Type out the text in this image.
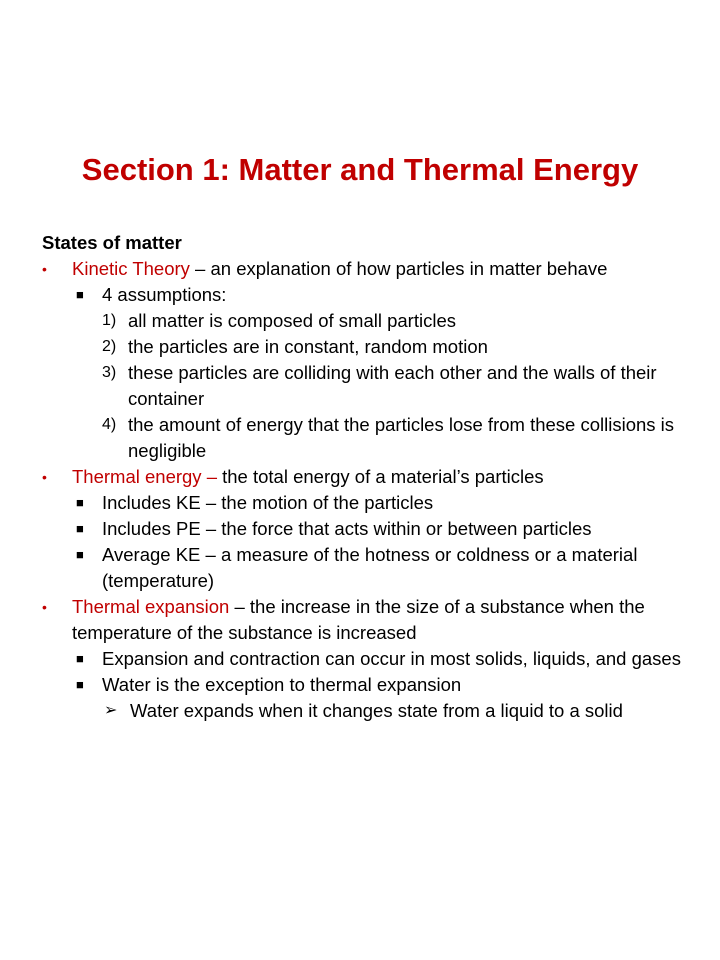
Section 1: Matter and Thermal Energy

States of matter

• Kinetic Theory – an explanation of how particles in matter behave

■ 4 assumptions:

1) all matter is composed of small particles

2) the particles are in constant, random motion

3) these particles are colliding with each other and the walls of their container

4) the amount of energy that the particles lose from these collisions is negligible

• Thermal energy – the total energy of a material’s particles

■ Includes KE – the motion of the particles

■ Includes PE – the force that acts within or between particles

■ Average KE – a measure of the hotness or coldness or a material (temperature)

• Thermal expansion – the increase in the size of a substance when the temperature of the substance is increased

■ Expansion and contraction can occur in most solids, liquids, and gases

■ Water is the exception to thermal expansion

➢ Water expands when it changes state from a liquid to a solid
